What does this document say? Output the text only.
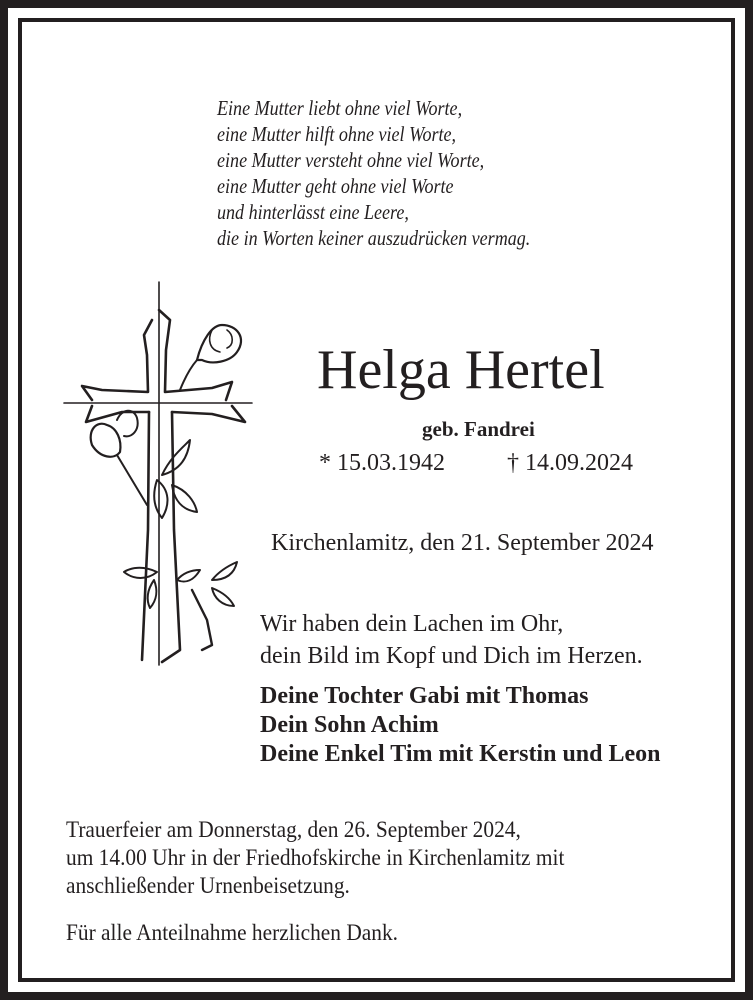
Eine Mutter liebt ohne viel Worte,
eine Mutter hilft ohne viel Worte,
eine Mutter versteht ohne viel Worte,
eine Mutter geht ohne viel Worte
und hinterlässt eine Leere,
die in Worten keiner auszudrücken vermag.
Helga Hertel
geb. Fandrei
* 15.03.1942	† 14.09.2024
Kirchenlamitz, den 21. September 2024
Wir haben dein Lachen im Ohr,
dein Bild im Kopf und Dich im Herzen.
Deine Tochter Gabi mit Thomas
Dein Sohn Achim
Deine Enkel Tim mit Kerstin und Leon
Trauerfeier am Donnerstag, den 26. September 2024,
um 14.00 Uhr in der Friedhofskirche in Kirchenlamitz mit
anschließender Urnenbeisetzung.
Für alle Anteilnahme herzlichen Dank.
